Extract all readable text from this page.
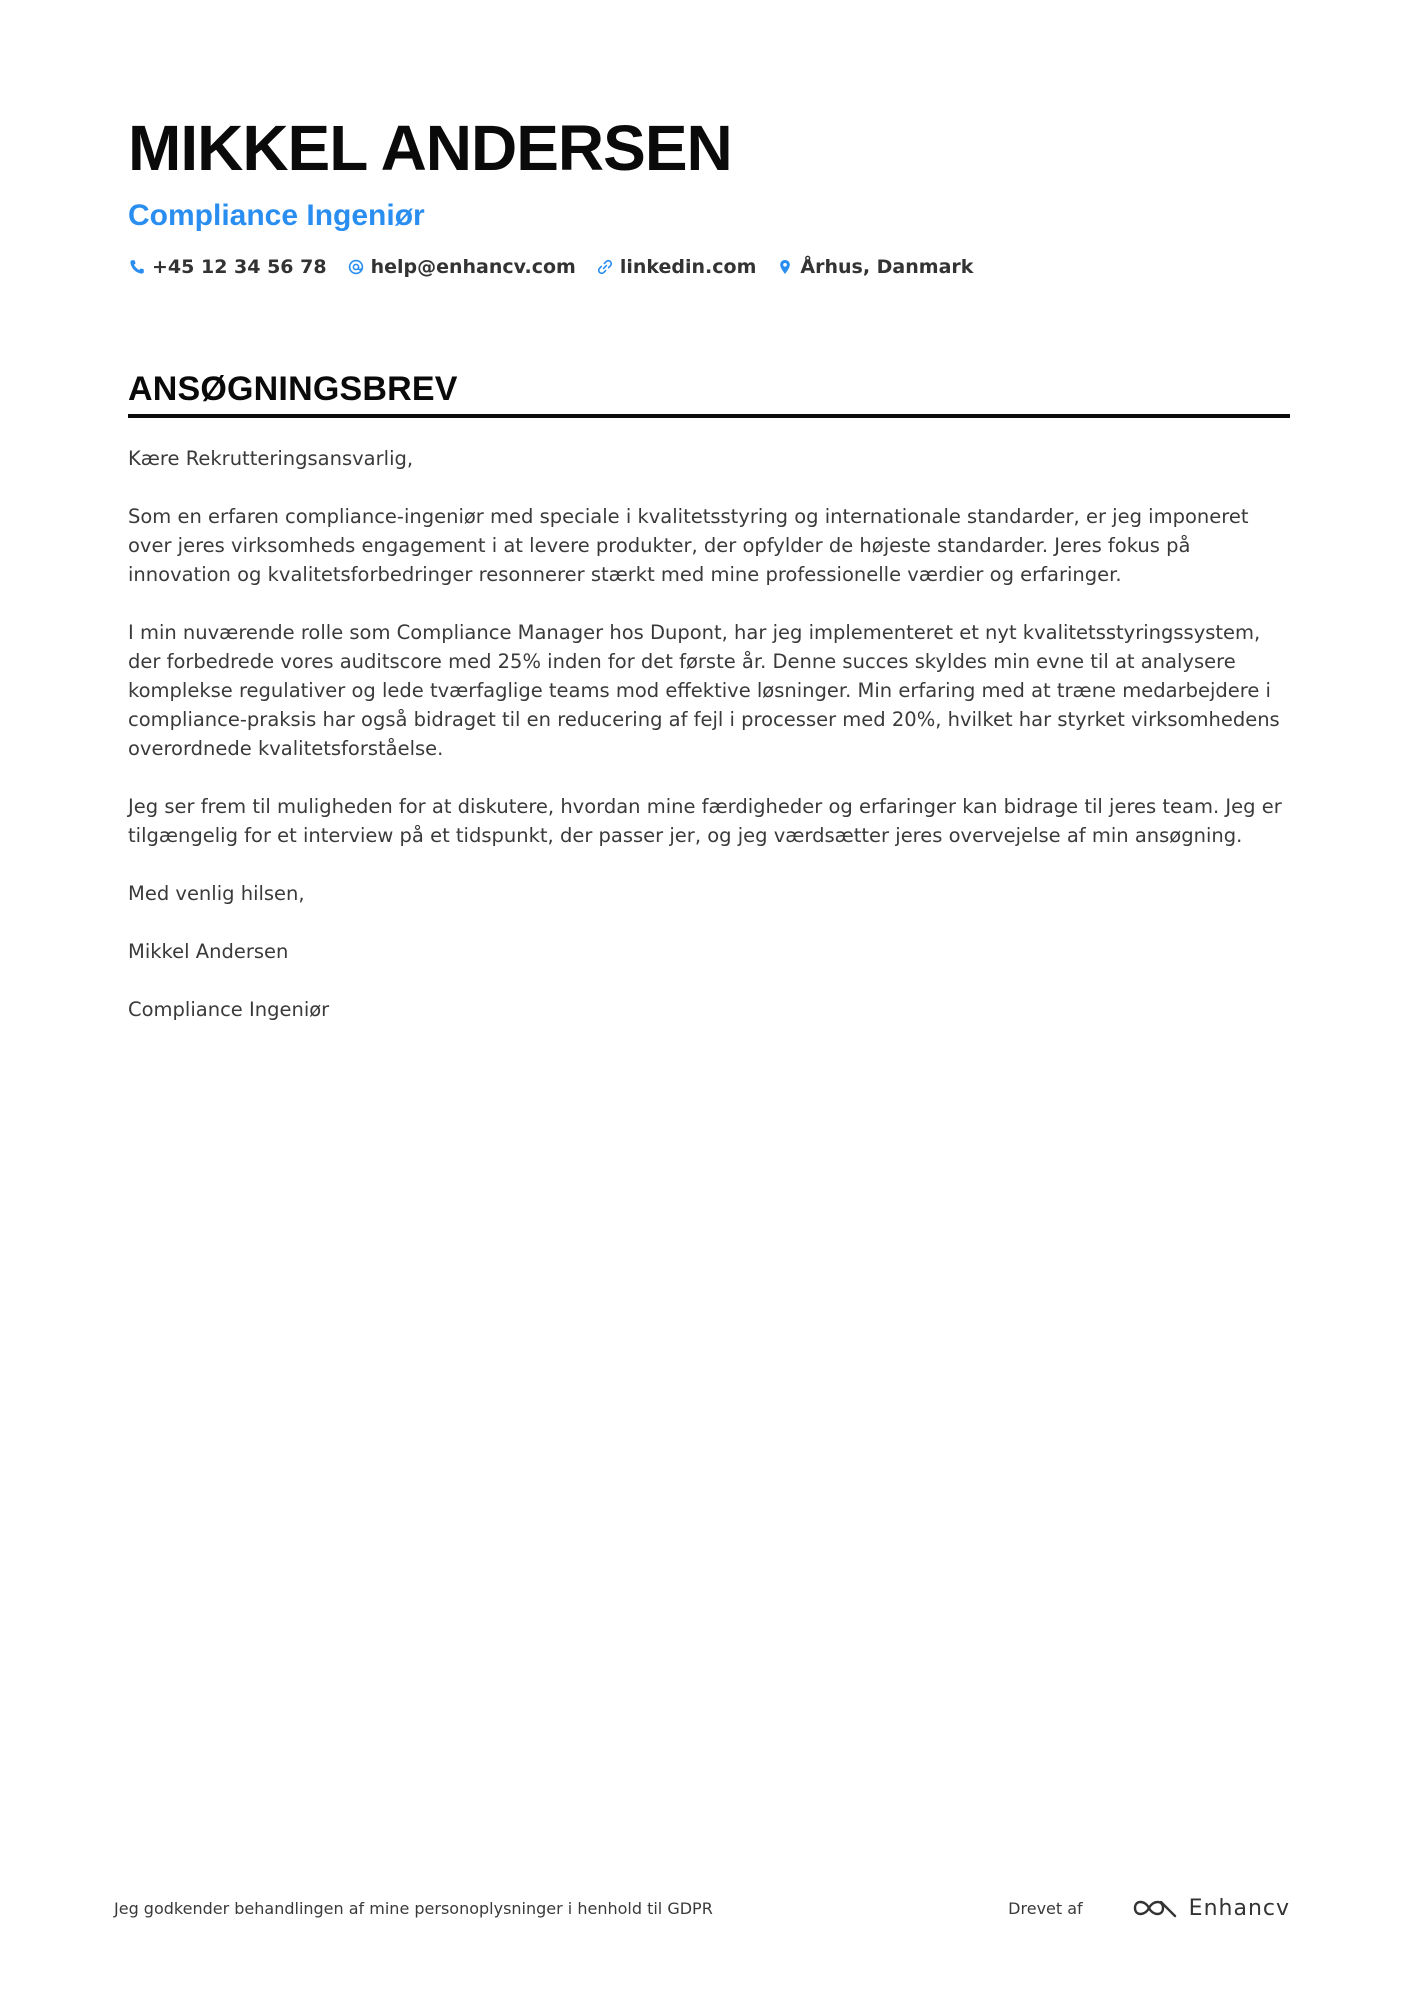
MIKKEL ANDERSEN
Compliance Ingeniør
+45 12 34 56 78 help@enhancv.com linkedin.com Århus, Danmark
ANSØGNINGSBREV

Kære Rekrutteringsansvarlig,

Som en erfaren compliance-ingeniør med speciale i kvalitetsstyring og internationale standarder, er jeg imponeret over jeres virksomheds engagement i at levere produkter, der opfylder de højeste standarder. Jeres fokus på innovation og kvalitetsforbedringer resonnerer stærkt med mine professionelle værdier og erfaringer.

I min nuværende rolle som Compliance Manager hos Dupont, har jeg implementeret et nyt kvalitetsstyringssystem, der forbedrede vores auditscore med 25% inden for det første år. Denne succes skyldes min evne til at analysere komplekse regulativer og lede tværfaglige teams mod effektive løsninger. Min erfaring med at træne medarbejdere i compliance-praksis har også bidraget til en reducering af fejl i processer med 20%, hvilket har styrket virksomhedens overordnede kvalitetsforståelse.

Jeg ser frem til muligheden for at diskutere, hvordan mine færdigheder og erfaringer kan bidrage til jeres team. Jeg er tilgængelig for et interview på et tidspunkt, der passer jer, og jeg værdsætter jeres overvejelse af min ansøgning.

Med venlig hilsen,

Mikkel Andersen

Compliance Ingeniør

Jeg godkender behandlingen af mine personoplysninger i henhold til GDPR	Drevet af	Enhancv
